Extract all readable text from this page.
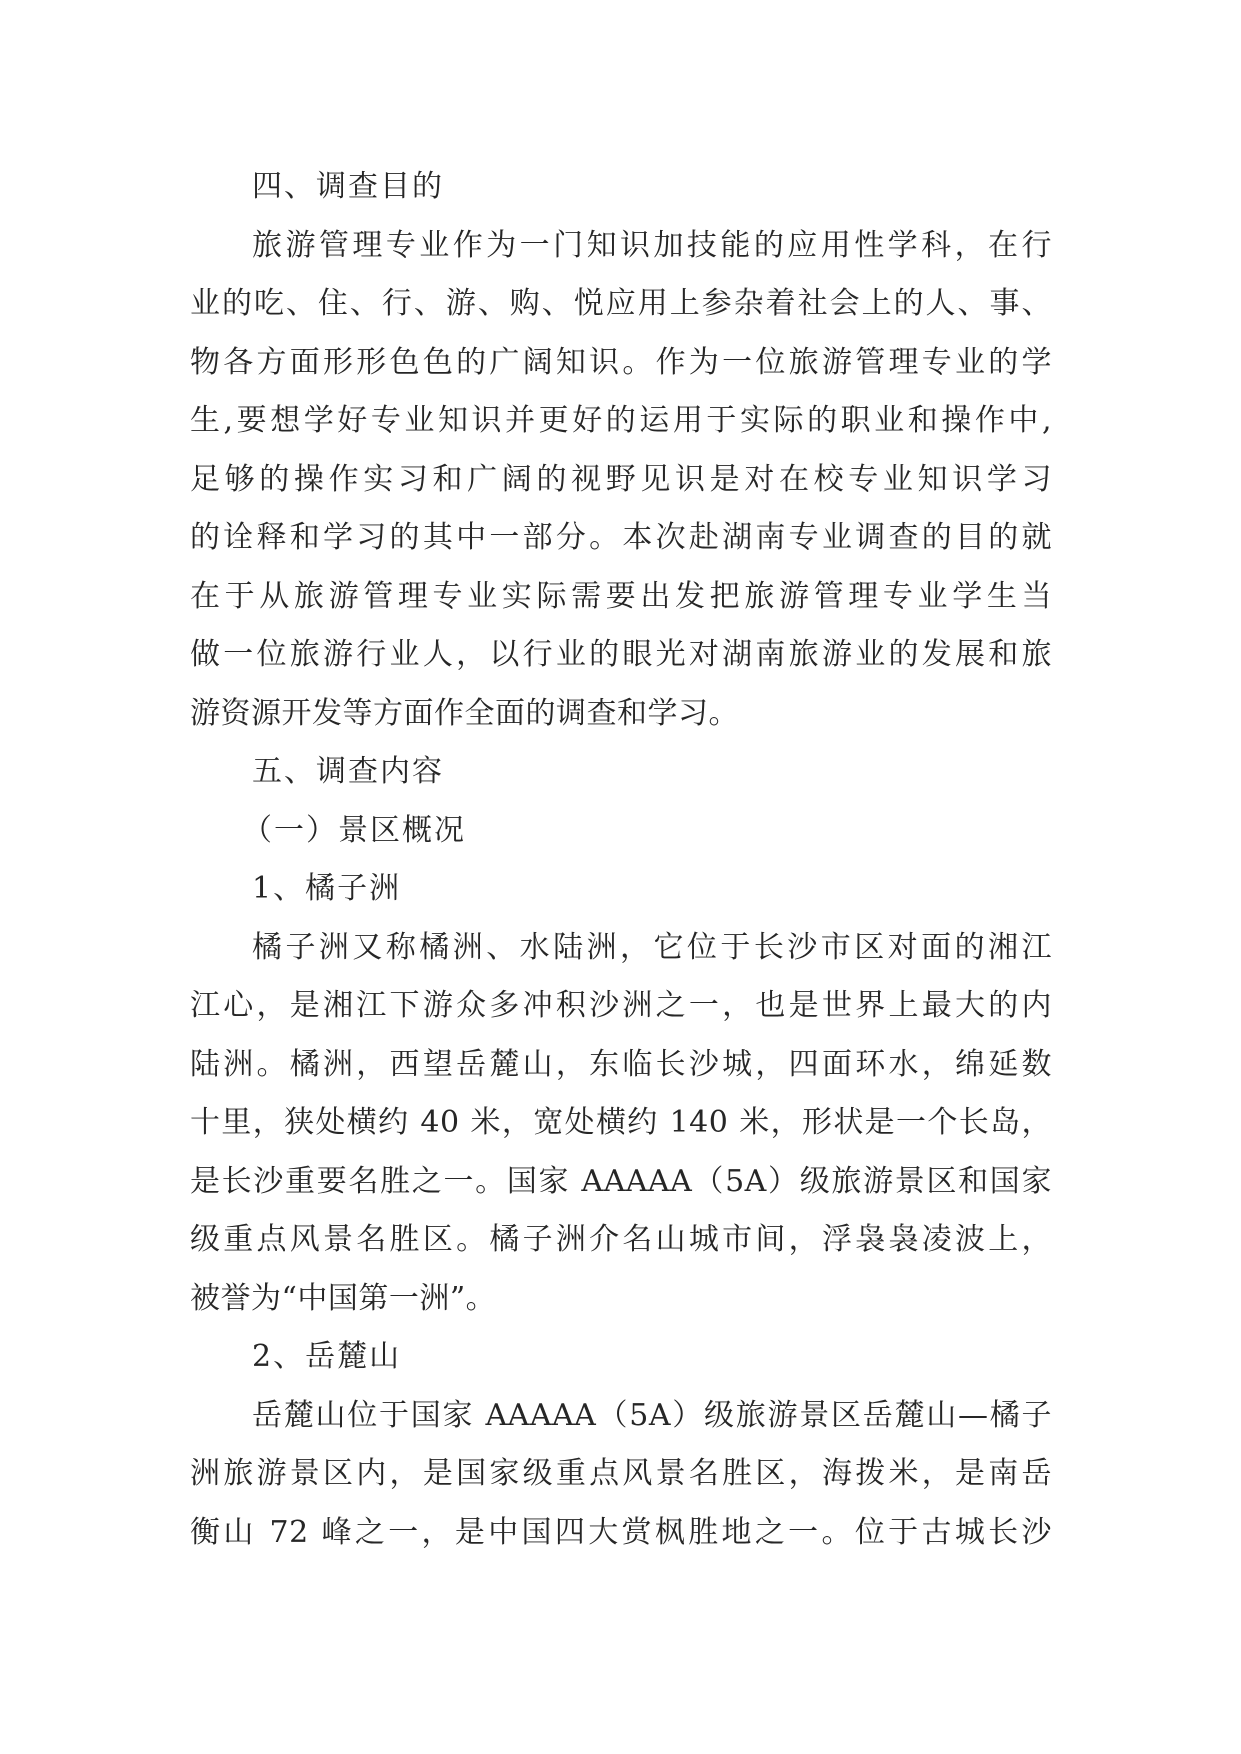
四、调查目的
旅游管理专业作为一门知识加技能的应用性学科，在行
业的吃、住、行、游、购、悦应用上参杂着社会上的人、事、
物各方面形形色色的广阔知识。作为一位旅游管理专业的学
生,要想学好专业知识并更好的运用于实际的职业和操作中,
足够的操作实习和广阔的视野见识是对在校专业知识学习
的诠释和学习的其中一部分。本次赴湖南专业调查的目的就
在于从旅游管理专业实际需要出发把旅游管理专业学生当
做一位旅游行业人，以行业的眼光对湖南旅游业的发展和旅
游资源开发等方面作全面的调查和学习。
五、调查内容
（一）景区概况
1、橘子洲
橘子洲又称橘洲、水陆洲，它位于长沙市区对面的湘江
江心，是湘江下游众多冲积沙洲之一，也是世界上最大的内
陆洲。橘洲，西望岳麓山，东临长沙城，四面环水，绵延数
十里，狭处横约 40 米，宽处横约 140 米，形状是一个长岛，
是长沙重要名胜之一。国家 AAAAA（5A）级旅游景区和国家
级重点风景名胜区。橘子洲介名山城市间，浮袅袅凌波上，
被誉为“中国第一洲”。
2、岳麓山
岳麓山位于国家 AAAAA（5A）级旅游景区岳麓山—橘子
洲旅游景区内，是国家级重点风景名胜区，海拨米，是南岳
衡山 72 峰之一，是中国四大赏枫胜地之一。位于古城长沙
